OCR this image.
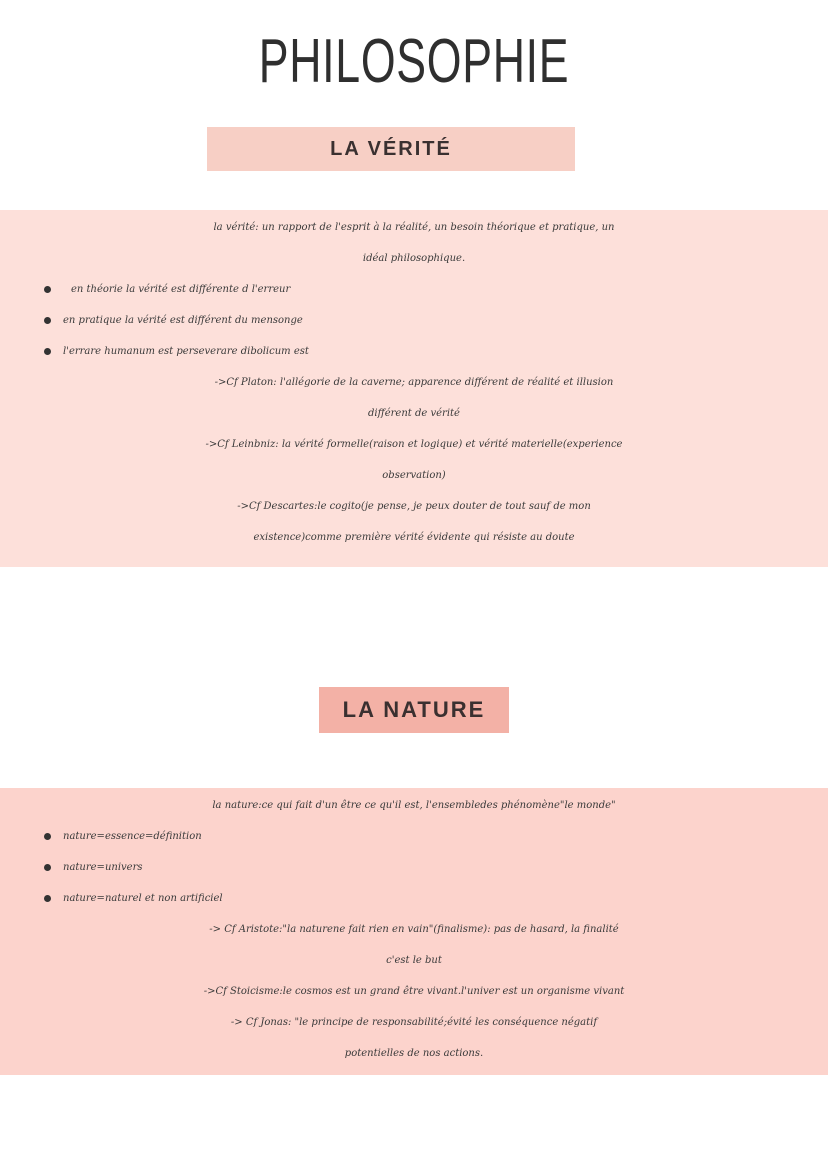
PHILOSOPHIE
LA VÉRITÉ
la vérité: un rapport de l'esprit à la réalité, un besoin théorique et pratique, un
idéal philosophique.
en théorie la vérité est différente d l'erreur
en pratique la vérité est différent du mensonge
l'errare humanum est perseverare dibolicum est
->Cf Platon: l'allégorie de la caverne; apparence différent de réalité et illusion
différent de vérité
->Cf Leinbniz: la vérité formelle(raison et logique) et vérité materielle(experience
observation)
->Cf Descartes:le cogito(je pense, je peux douter de tout sauf de mon
existence)comme première vérité évidente qui résiste au doute
LA NATURE
la nature:ce qui fait d'un être ce qu'il est, l'ensembledes phénomène"le monde"
nature=essence=définition
nature=univers
nature=naturel et non artificiel
-> Cf Aristote:"la naturene fait rien en vain"(finalisme): pas de hasard, la finalité
c'est le but
->Cf Stoicisme:le cosmos est un grand être vivant.l'univer est un organisme vivant
-> Cf Jonas: "le principe de responsabilité;évité les conséquence négatif
potentielles de nos actions.
